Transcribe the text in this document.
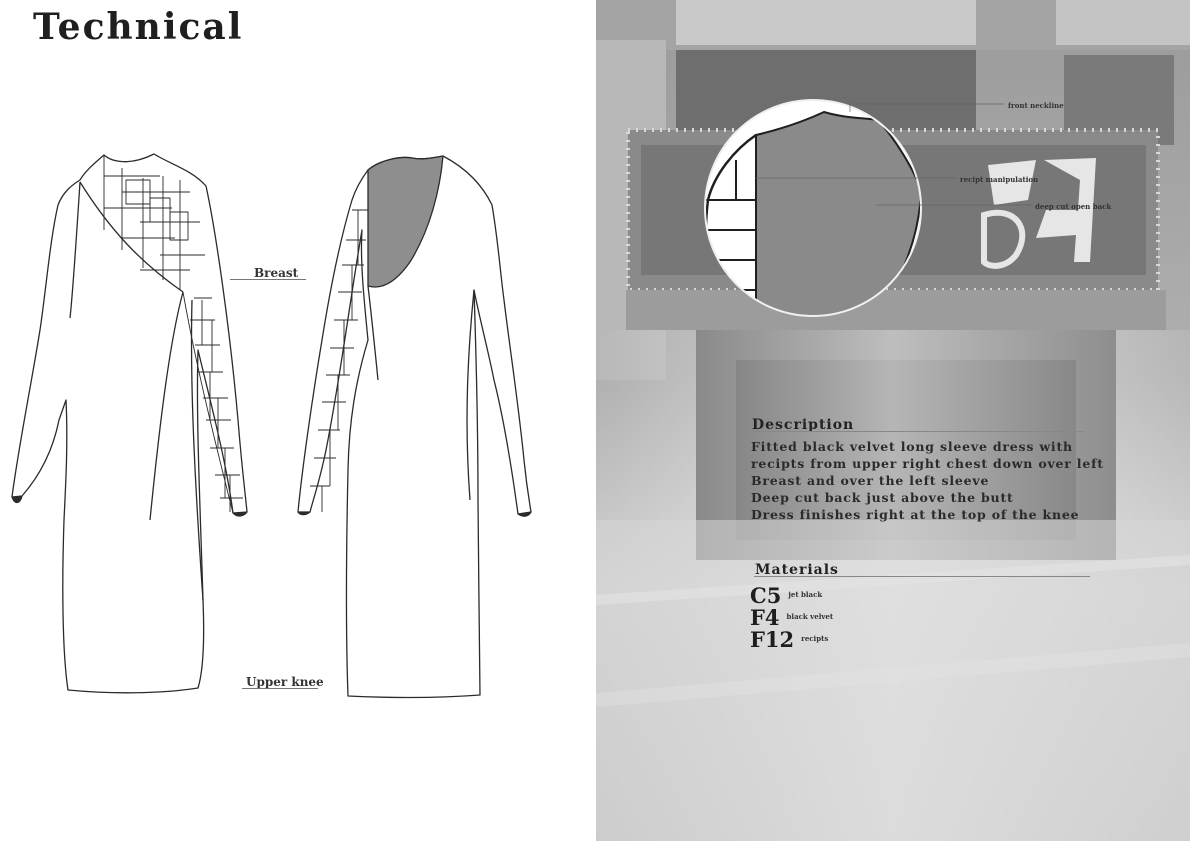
Technical
Breast
Upper knee
front neckline
recipt manipulation
deep cut open back
Description
Fitted black velvet long sleeve dress with
recipts from upper right chest down over left
Breast and over the left sleeve
Deep cut back just above the butt
Dress finishes right at the top of the knee
Materials
C5 jet black
F4 black velvet
F12 recipts
